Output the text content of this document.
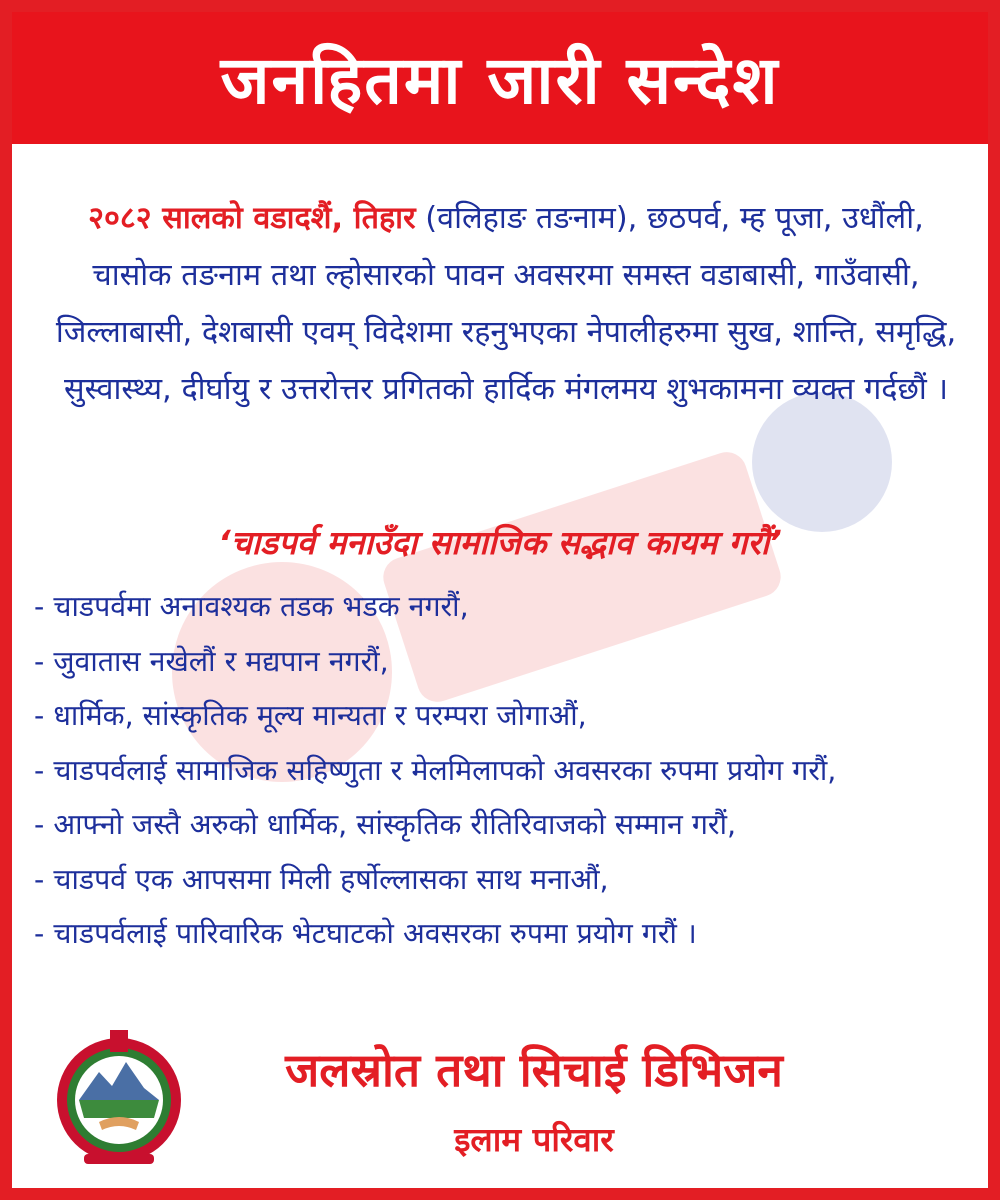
जनहितमा जारी सन्देश
२०८२ सालको वडादशैं, तिहार (वलिहाङ तङनाम), छठपर्व, म्ह पूजा, उधौंली, चासोक तङनाम तथा ल्होसारको पावन अवसरमा समस्त वडाबासी, गाउँवासी, जिल्लाबासी, देशबासी एवम् विदेशमा रहनुभएका नेपालीहरुमा सुख, शान्ति, समृद्धि, सुस्वास्थ्य, दीर्घायु र उत्तरोत्तर प्रगितको हार्दिक मंगलमय शुभकामना व्यक्त गर्दछौं ।
‘चाडपर्व मनाउँदा सामाजिक सद्भाव कायम गरौं’
- चाडपर्वमा अनावश्यक तडक भडक नगरौं,
- जुवातास नखेलौं र मद्यपान नगरौं,
- धार्मिक, सांस्कृतिक मूल्य मान्यता र परम्परा जोगाऔं,
- चाडपर्वलाई सामाजिक सहिष्णुता र मेलमिलापको अवसरका रुपमा प्रयोग गरौं,
- आफ्नो जस्तै अरुको धार्मिक, सांस्कृतिक रीतिरिवाजको सम्मान गरौं,
- चाडपर्व एक आपसमा मिली हर्षोल्लासका साथ मनाऔं,
- चाडपर्वलाई पारिवारिक भेटघाटको अवसरका रुपमा प्रयोग गरौं ।
जलस्रोत तथा सिचाई डिभिजन
इलाम परिवार
